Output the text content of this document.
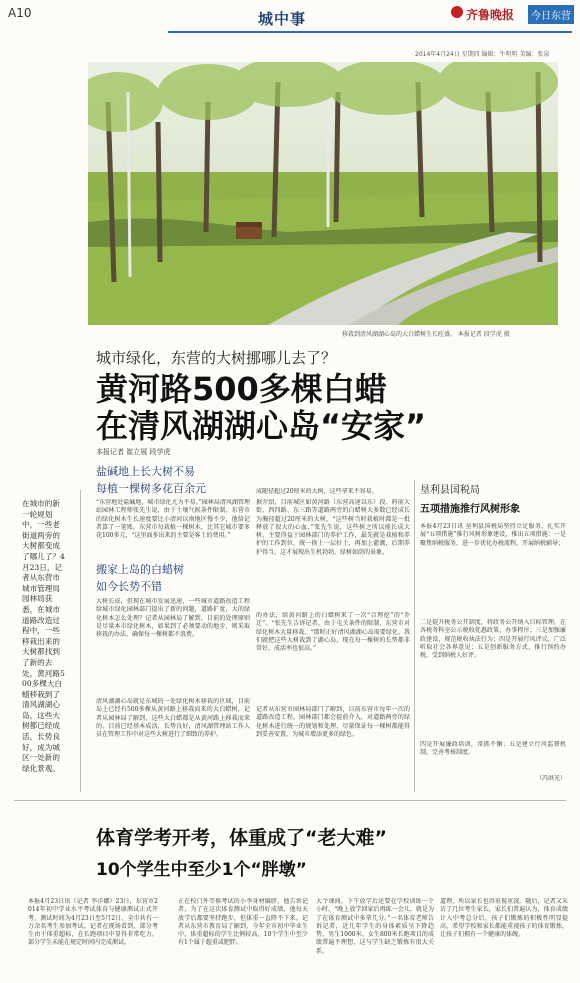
A10	城中事	齐鲁晚报	今日东营
2014年4月24日 星期四 编辑：牛明明 美编：张泉
移栽到清风湖湖心岛的大白蜡树生长旺盛。 本报记者 段学虎 摄
城市绿化，东营的大树挪哪儿去了？
黄河路500多棵白蜡
在清风湖湖心岛“安家”
本报记者 崔立展 段学虎
盐碱地上长大树不易
每植一棵树多花百余元
“东营地处盐碱地，城市绿化尤为不易。”园林局清风湖管理站园林工程师张先生说，由于土壤气候条件限制，东营市的绿化树木生长速度要比小清河以南地区慢不少，他给记者算了一笔账，东营市每栽植一棵树木，比其它城市要多花100多元，“这里面多出来的主要是客土的费用。”
搬家上岛的白蜡树
如今长势不错
大树长成，但现在城市发展迅速，一些城市道路改造工程给城市绿化园林部门提出了新的问题，道路扩宽，大的绿化树木怎么处理？记者从园林局了解到，目前的处理原则是尽量本市绿化树木，如果到了必须要动的地步，则采取移栽的办法，确保每一棵树都不浪费。
清风湖湖心岛就是东城的一处绿化树木移栽的区域，目前岛上已经有500多棵从黄河路上移栽而来的大白蜡树，记者从园林局了解到，这些大白蜡都是从黄河路上移栽而来的，目前已经基本成活，长势良好，清风湖管理站工作人员在管理工作中对这些大树进行了细致的养护。
成随径超过20厘米的大树，这些拿来不容易。
据介绍，目前城区如黄河路（东营高速以东）段、府前大街、西四路、东三路等道路两旁的白蜡树大多数已经成长为胸径超过20厘米的大树，“这些树当时栽植时都是一批释放了很大的心血，”张先生说，这些树之所以能长成大树，主要得益于园林部门的养护工作，最先就是栽植和养护的工作到位，统一换土一层好土，再加上灌溉，后期养护得当，这才展现出生机勃勃、绿树如荫的景象。
的办法，给黄河路上的白蜡树来了一次“合理挖”的“乔迁”。“张先生告诉记者，由于屯关条件的限制，东营市对绿化树木大量移栽，“那时正好清风湖湖心岛需要绿化，我们就把这些大树栽到了湖心岛，现在每一棵树的长势都非常好，成活率也很高。”
记者从东营市园林局部门了解到，目前东营市每年一次的道路改造工程，园林部门都会提前介入，对道路两旁的绿化树木进行统一的规划和处理，尽量保证每一棵树都能得到妥善安置，为城市增添更多的绿色。
在城市的新一轮规划中，一些老街道两旁的大树都变成了哪儿了？4月23日，记者从东营市城市管理局园林局获悉，在城市道路改造过程中，一些移栽出来的大树都找到了新的去处，黄河路500多棵大白蜡移栽到了清风湖湖心岛，这些大树都已经成活，长势良好，成为城区一处新的绿化景观。
垦利县国税局
五项措施推行风树形象
本报4月23日讯 垦利县国税局坚持立足服务，扎实开展“五项措施”推行风树形象建设，推出五项措施：一是聚焦纳税服务，进一步优化办税流程，开展纳税辅导；
二是提升税务公开制度，将政务公开纳入目标管理，在各税务科室公示税收优惠政策、办事程序；三是加强廉政建设，规范税收执法行为；四是开展行风评议，广泛听取社会各界意见；五是创新服务方式，推行预约办税，受到纳税人好评。
四是开展廉政培训，常抓不懈；五是建立行风监督机制，完善考核制度。
（冯洪光）
体育学考开考，体重成了“老大难”
10个学生中至少1个“胖墩”
本报4月23日讯（记者 李洋娜）23日，东营市2014年初中学业水平考试体育与健康测试正式开考，测试时间为4月23日至5月2日，全市共有一万余名考生参加考试。记者在现场看到，部分考生由于体重超标，在长跑项目中显得非常吃力，部分学生未能在规定时间内完成测试。
正在校门外等候考试的小李身材偏胖，他告诉记者，为了在这次体育测试中取得好成绩，他每天放学后都要坚持跑步，但体重一直降不下来。记者从东营市教育局了解到，今年全市初中毕业生中，体重超标的学生比例较高，10个学生中至少有1个属于超重或肥胖。
大个课间，下午放学后还要在学校训练一个小时，“晚上放学回家后再练一会儿，就是为了在体育测试中多拿几分。”一名体育老师告诉记者，近几年学生的身体素质呈下降趋势，男生1000米、女生800米长跑项目的成绩普遍不理想，这与学生缺乏锻炼有很大关系。
道理，所以家长也得重视重视。随后，记者又采访了几位考生家长，家长们普遍认为，体育成绩计入中考总分后，孩子们锻炼的积极性明显提高，希望学校和家长都能重视孩子的体育锻炼，让孩子们拥有一个健康的体魄。
